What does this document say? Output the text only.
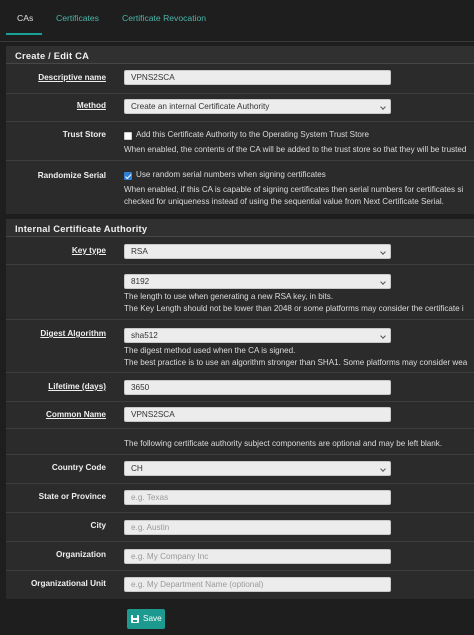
CAs	Certificates	Certificate Revocation
Create / Edit CA
Descriptive name	VPNS2SCA
Method	Create an internal Certificate Authority
Trust Store	Add this Certificate Authority to the Operating System Trust Store
When enabled, the contents of the CA will be added to the trust store so that they will be trusted
Randomize Serial	Use random serial numbers when signing certificates
When enabled, if this CA is capable of signing certificates then serial numbers for certificates si
checked for uniqueness instead of using the sequential value from Next Certificate Serial.
Internal Certificate Authority
Key type	RSA
8192
The length to use when generating a new RSA key, in bits.
The Key Length should not be lower than 2048 or some platforms may consider the certificate i
Digest Algorithm	sha512
The digest method used when the CA is signed.
The best practice is to use an algorithm stronger than SHA1. Some platforms may consider wea
Lifetime (days)	3650
Common Name	VPNS2SCA
The following certificate authority subject components are optional and may be left blank.
Country Code	CH
State or Province	e.g. Texas
City	e.g. Austin
Organization	e.g. My Company Inc
Organizational Unit	e.g. My Department Name (optional)
Save
